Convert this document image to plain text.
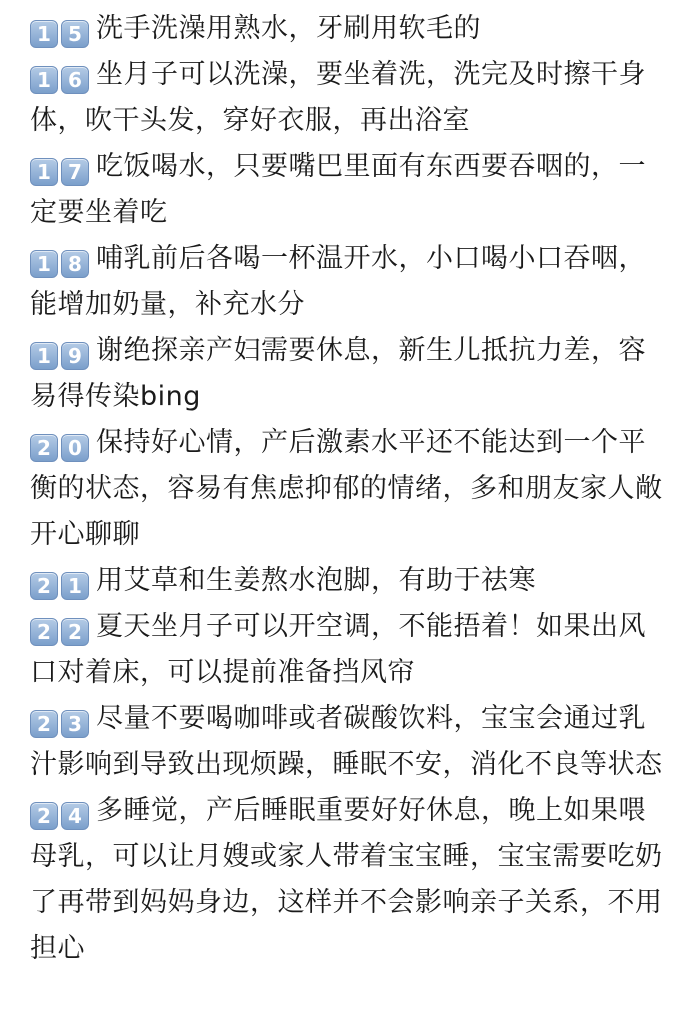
1 5 洗手洗澡用熟水，牙刷用软毛的
1 6 坐月子可以洗澡，要坐着洗，洗完及时擦干身体，吹干头发，穿好衣服，再出浴室
1 7 吃饭喝水，只要嘴巴里面有东西要吞咽的，一定要坐着吃
1 8 哺乳前后各喝一杯温开水，小口喝小口吞咽，能增加奶量，补充水分
1 9 谢绝探亲产妇需要休息，新生儿抵抗力差，容易得传染bing
2 0 保持好心情，产后激素水平还不能达到一个平衡的状态，容易有焦虑抑郁的情绪，多和朋友家人敞开心聊聊
2 1 用艾草和生姜熬水泡脚，有助于祛寒
2 2 夏天坐月子可以开空调，不能捂着！如果出风口对着床，可以提前准备挡风帘
2 3 尽量不要喝咖啡或者碳酸饮料，宝宝会通过乳汁影响到导致出现烦躁，睡眠不安，消化不良等状态
2 4 多睡觉，产后睡眠重要好好休息，晚上如果喂母乳，可以让月嫂或家人带着宝宝睡，宝宝需要吃奶了再带到妈妈身边，这样并不会影响亲子关系，不用担心
